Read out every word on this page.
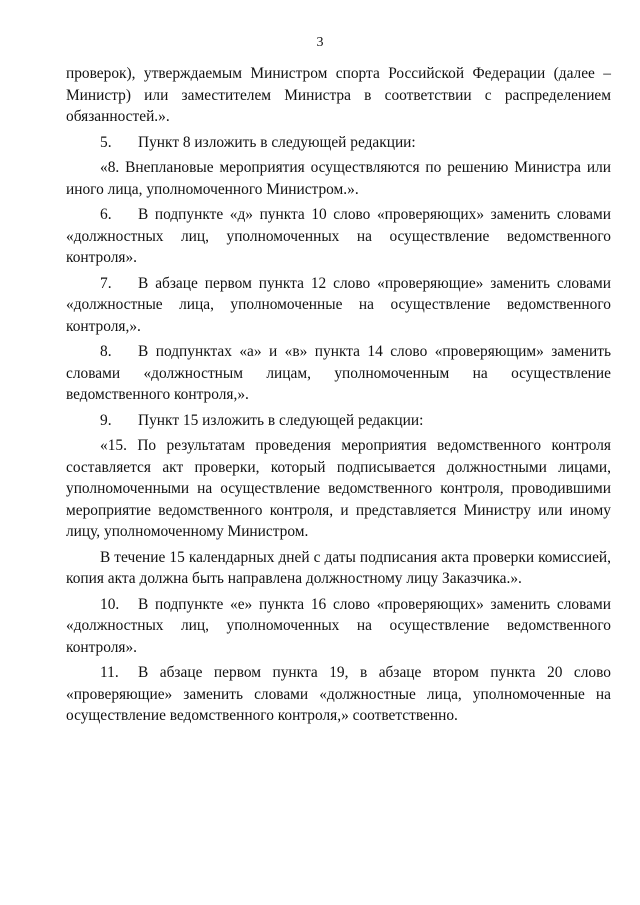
3

проверок), утверждаемым Министром спорта Российской Федерации (далее – Министр) или заместителем Министра в соответствии с распределением обязанностей.».

5. Пункт 8 изложить в следующей редакции:

«8. Внеплановые мероприятия осуществляются по решению Министра или иного лица, уполномоченного Министром.».

6. В подпункте «д» пункта 10 слово «проверяющих» заменить словами «должностных лиц, уполномоченных на осуществление ведомственного контроля».

7. В абзаце первом пункта 12 слово «проверяющие» заменить словами «должностные лица, уполномоченные на осуществление ведомственного контроля,».

8. В подпунктах «а» и «в» пункта 14 слово «проверяющим» заменить словами «должностным лицам, уполномоченным на осуществление ведомственного контроля,».

9. Пункт 15 изложить в следующей редакции:

«15. По результатам проведения мероприятия ведомственного контроля составляется акт проверки, который подписывается должностными лицами, уполномоченными на осуществление ведомственного контроля, проводившими мероприятие ведомственного контроля, и представляется Министру или иному лицу, уполномоченному Министром.

В течение 15 календарных дней с даты подписания акта проверки комиссией, копия акта должна быть направлена должностному лицу Заказчика.».

10. В подпункте «е» пункта 16 слово «проверяющих» заменить словами «должностных лиц, уполномоченных на осуществление ведомственного контроля».

11. В абзаце первом пункта 19, в абзаце втором пункта 20 слово «проверяющие» заменить словами «должностные лица, уполномоченные на осуществление ведомственного контроля,» соответственно.
